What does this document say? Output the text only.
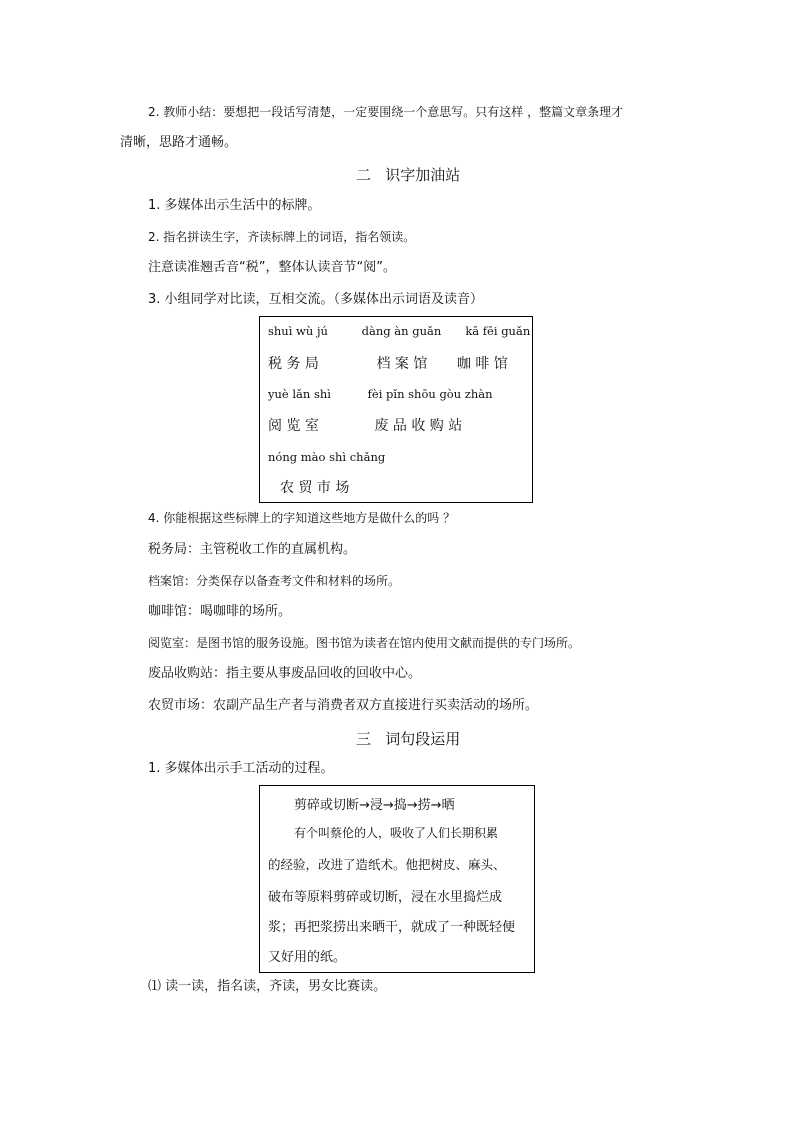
2. 教师小结：要想把一段话写清楚，一定要围绕一个意思写。只有这样 ，整篇文章条理才
清晰，思路才通畅。
二   识字加油站
1. 多媒体出示生活中的标牌。
2. 指名拼读生字，齐读标牌上的词语，指名领读。
注意读准翘舌音“税”，整体认读音节“阅”。
3. 小组同学对比读，互相交流。（多媒体出示词语及读音）
shuì wù jú	dàng àn guǎn kā fēi guǎn
税 务 局	档 案 馆 咖 啡 馆
yuè lǎn shì	fèi pǐn shōu gòu zhàn
阅 览 室	废 品 收 购 站
nóng mào shì chǎng
农 贸 市 场
4. 你能根据这些标牌上的字知道这些地方是做什么的吗 ？
税务局：主管税收工作的直属机构。
档案馆：分类保存以备查考文件和材料的场所。
咖啡馆：喝咖啡的场所。
阅览室：是图书馆的服务设施。图书馆为读者在馆内使用文献而提供的专门场所。
废品收购站：指主要从事废品回收的回收中心。
农贸市场：农副产品生产者与消费者双方直接进行买卖活动的场所。
三   词句段运用
1. 多媒体出示手工活动的过程。
剪碎或切断→浸→捣→捞→晒
有个叫蔡伦的人，吸收了人们长期积累
的经验，改进了造纸术。他把树皮、麻头、
破布等原料剪碎或切断，浸在水里捣烂成
浆；再把浆捞出来晒干，就成了一种既轻便
又好用的纸。
⑴ 读一读，指名读，齐读，男女比赛读。
